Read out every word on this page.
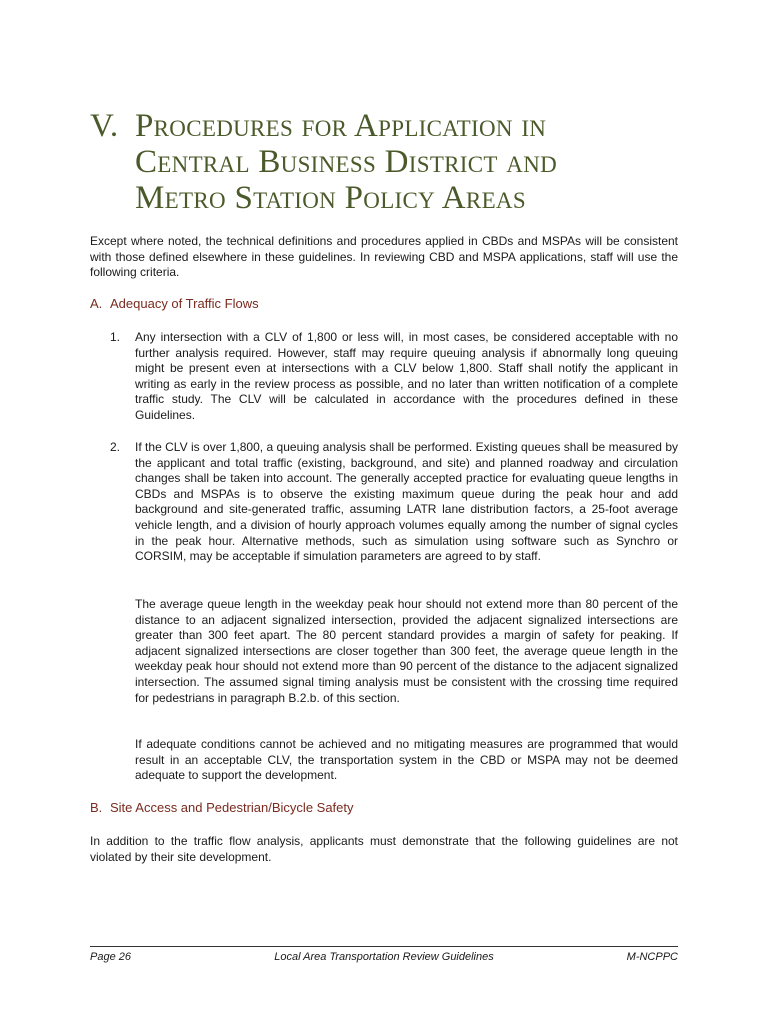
V. Procedures for Application in
Central Business District and
Metro Station Policy Areas

Except where noted, the technical definitions and procedures applied in CBDs and MSPAs will be consistent with those defined elsewhere in these guidelines. In reviewing CBD and MSPA applications, staff will use the following criteria.

A. Adequacy of Traffic Flows
1.	Any intersection with a CLV of 1,800 or less will, in most cases, be considered acceptable with no further analysis required. However, staff may require queuing analysis if abnormally long queuing might be present even at intersections with a CLV below 1,800. Staff shall notify the applicant in writing as early in the review process as possible, and no later than written notification of a complete traffic study. The CLV will be calculated in accordance with the procedures defined in these Guidelines.
2.	If the CLV is over 1,800, a queuing analysis shall be performed. Existing queues shall be measured by the applicant and total traffic (existing, background, and site) and planned roadway and circulation changes shall be taken into account. The generally accepted practice for evaluating queue lengths in CBDs and MSPAs is to observe the existing maximum queue during the peak hour and add background and site-generated traffic, assuming LATR lane distribution factors, a 25-foot average vehicle length, and a division of hourly approach volumes equally among the number of signal cycles in the peak hour. Alternative methods, such as simulation using software such as Synchro or CORSIM, may be acceptable if simulation parameters are agreed to by staff.

The average queue length in the weekday peak hour should not extend more than 80 percent of the distance to an adjacent signalized intersection, provided the adjacent signalized intersections are greater than 300 feet apart. The 80 percent standard provides a margin of safety for peaking. If adjacent signalized intersections are closer together than 300 feet, the average queue length in the weekday peak hour should not extend more than 90 percent of the distance to the adjacent signalized intersection. The assumed signal timing analysis must be consistent with the crossing time required for pedestrians in paragraph B.2.b. of this section.

If adequate conditions cannot be achieved and no mitigating measures are programmed that would result in an acceptable CLV, the transportation system in the CBD or MSPA may not be deemed adequate to support the development.

B. Site Access and Pedestrian/Bicycle Safety

In addition to the traffic flow analysis, applicants must demonstrate that the following guidelines are not violated by their site development.

Page 26	Local Area Transportation Review Guidelines	M-NCPPC
